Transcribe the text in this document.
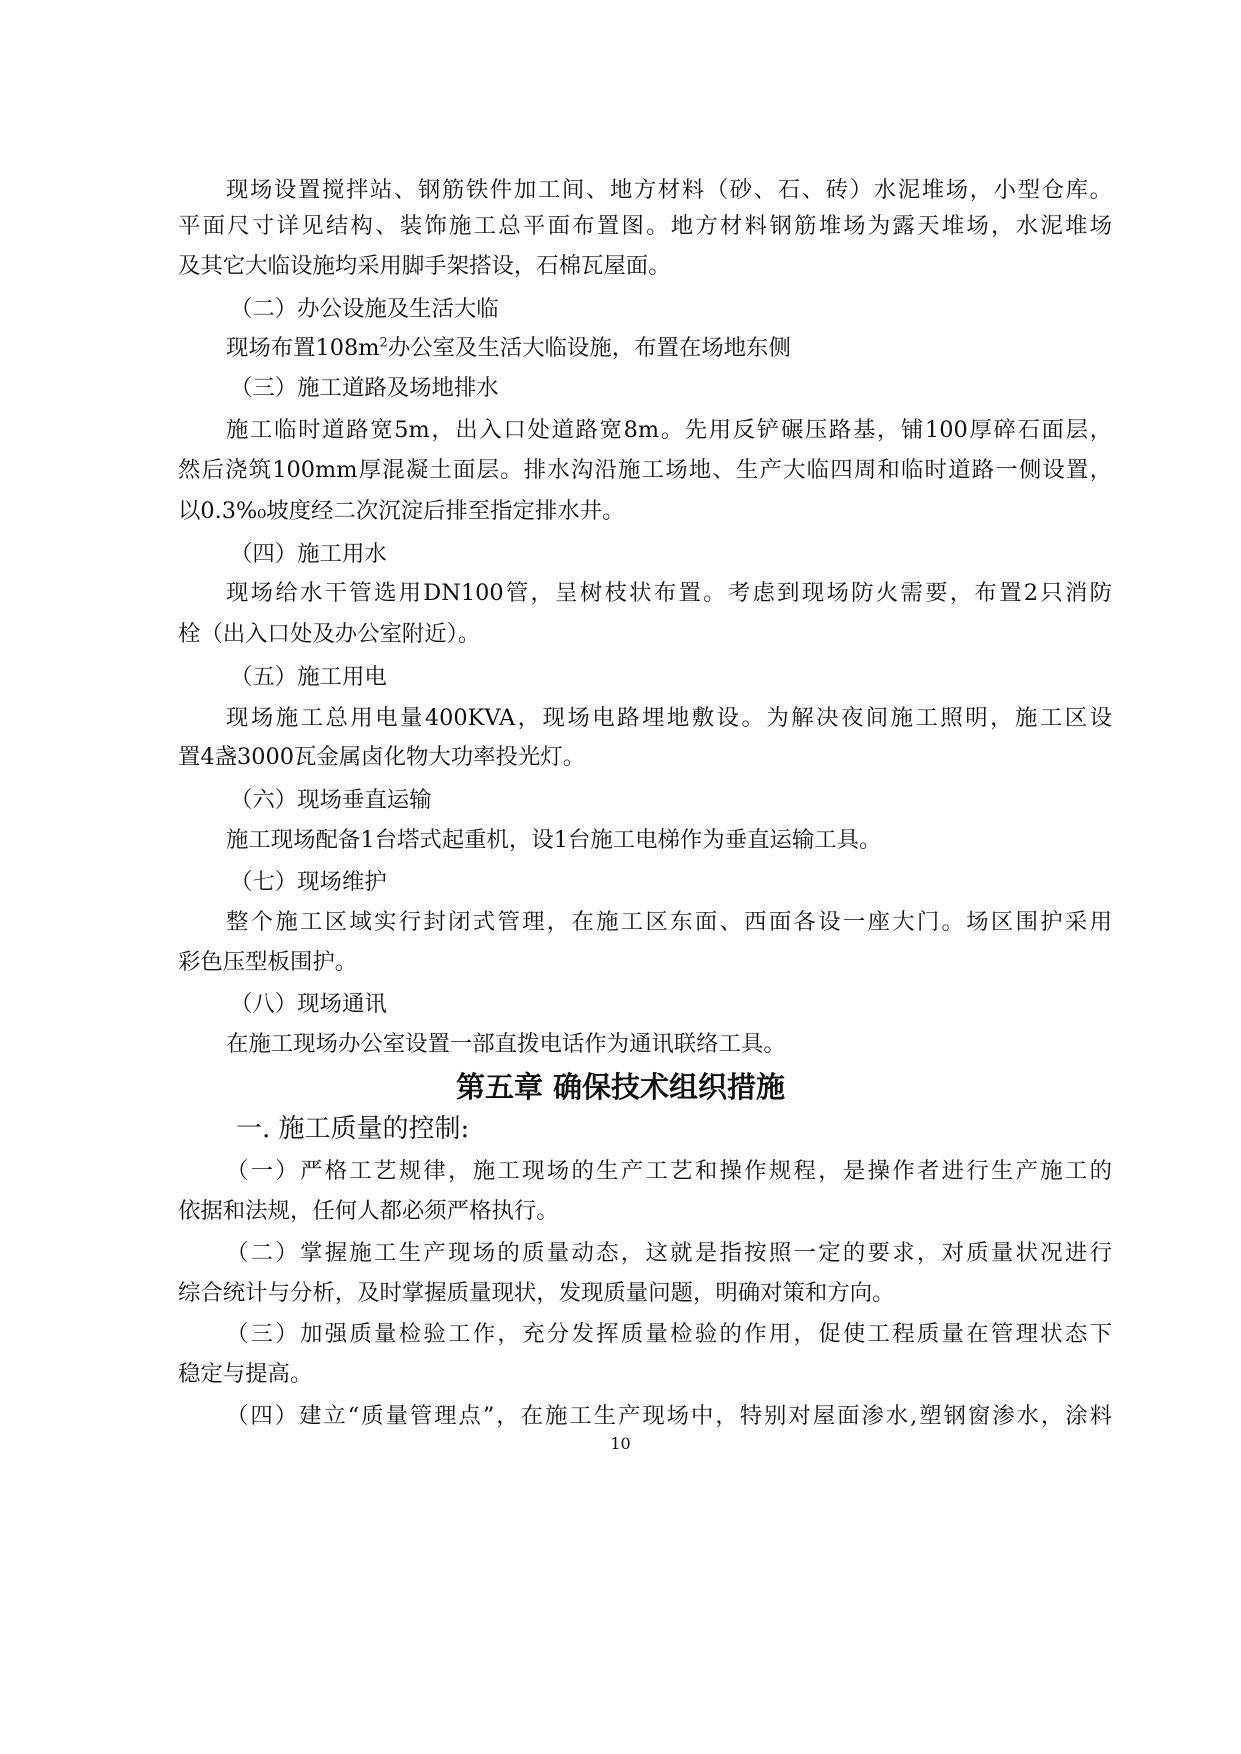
现场设置搅拌站、钢筋铁件加工间、地方材料（砂、石、砖）水泥堆场，小型仓库。
平面尺寸详见结构、装饰施工总平面布置图。地方材料钢筋堆场为露天堆场，水泥堆场
及其它大临设施均采用脚手架搭设，石棉瓦屋面。
（二）办公设施及生活大临
现场布置$108m^2$办公室及生活大临设施，布置在场地东侧
（三）施工道路及场地排水
施工临时道路宽5m，出入口处道路宽8m。先用反铲碾压路基，铺100厚碎石面层，
然后浇筑100mm厚混凝土面层。排水沟沿施工场地、生产大临四周和临时道路一侧设置，
以0.3%₀坡度经二次沉淀后排至指定排水井。
（四）施工用水
现场给水干管选用DN100管，呈树枝状布置。考虑到现场防火需要，布置2只消防
栓（出入口处及办公室附近）。
（五）施工用电
现场施工总用电量400KVA，现场电路埋地敷设。为解决夜间施工照明，施工区设
置4盏3000瓦金属卤化物大功率投光灯。
（六）现场垂直运输
施工现场配备1台塔式起重机，设1台施工电梯作为垂直运输工具。
（七）现场维护
整个施工区域实行封闭式管理，在施工区东面、西面各设一座大门。场区围护采用
彩色压型板围护。
（八）现场通讯
在施工现场办公室设置一部直拨电话作为通讯联络工具。
第五章 确保技术组织措施
一. 施工质量的控制:
（一）严格工艺规律，施工现场的生产工艺和操作规程，是操作者进行生产施工的
依据和法规，任何人都必须严格执行。
（二）掌握施工生产现场的质量动态，这就是指按照一定的要求，对质量状况进行
综合统计与分析，及时掌握质量现状，发现质量问题，明确对策和方向。
（三）加强质量检验工作，充分发挥质量检验的作用，促使工程质量在管理状态下
稳定与提高。
（四）建立“质量管理点”，在施工生产现场中，特别对屋面渗水,塑钢窗渗水，涂料
10
